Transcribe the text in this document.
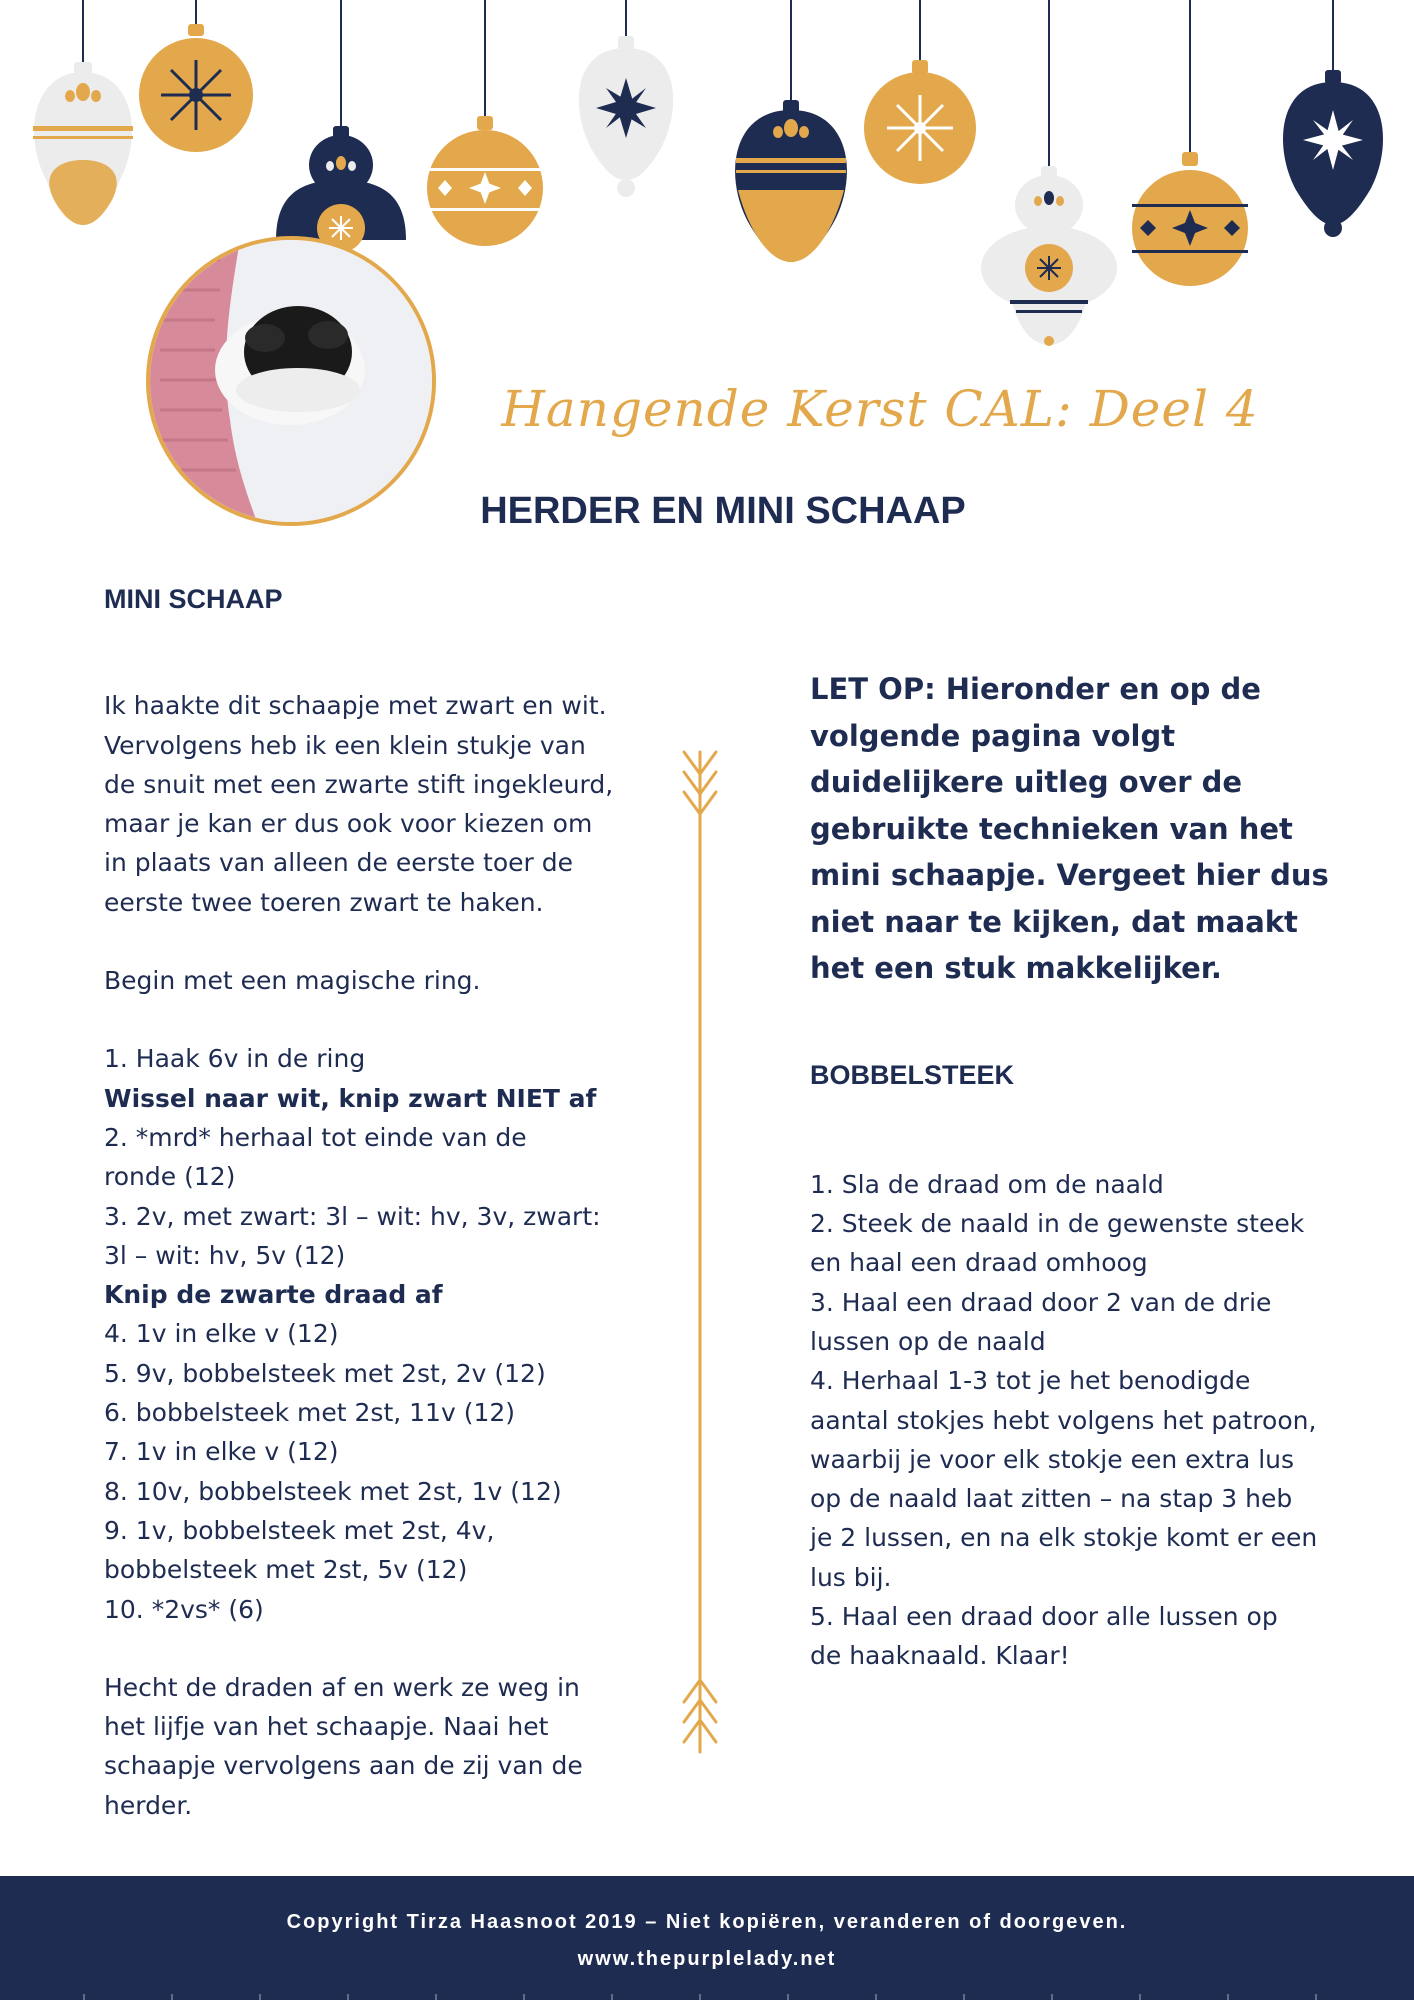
Hangende Kerst CAL: Deel 4
HERDER EN MINI SCHAAP
MINI SCHAAP
Ik haakte dit schaapje met zwart en wit.
Vervolgens heb ik een klein stukje van
de snuit met een zwarte stift ingekleurd,
maar je kan er dus ook voor kiezen om
in plaats van alleen de eerste toer de
eerste twee toeren zwart te haken.
Begin met een magische ring.
1. Haak 6v in de ring
Wissel naar wit, knip zwart NIET af
2. *mrd* herhaal tot einde van de
ronde (12)
3. 2v, met zwart: 3l – wit: hv, 3v, zwart:
3l – wit: hv, 5v (12)
Knip de zwarte draad af
4. 1v in elke v (12)
5. 9v, bobbelsteek met 2st, 2v (12)
6. bobbelsteek met 2st, 11v (12)
7. 1v in elke v (12)
8. 10v, bobbelsteek met 2st, 1v (12)
9. 1v, bobbelsteek met 2st, 4v,
bobbelsteek met 2st, 5v (12)
10. *2vs* (6)
Hecht de draden af en werk ze weg in
het lijfje van het schaapje. Naai het
schaapje vervolgens aan de zij van de
herder.
LET OP: Hieronder en op de
volgende pagina volgt
duidelijkere uitleg over de
gebruikte technieken van het
mini schaapje. Vergeet hier dus
niet naar te kijken, dat maakt
het een stuk makkelijker.
BOBBELSTEEK
1. Sla de draad om de naald
2. Steek de naald in de gewenste steek
en haal een draad omhoog
3. Haal een draad door 2 van de drie
lussen op de naald
4. Herhaal 1-3 tot je het benodigde
aantal stokjes hebt volgens het patroon,
waarbij je voor elk stokje een extra lus
op de naald laat zitten – na stap 3 heb
je 2 lussen, en na elk stokje komt er een
lus bij.
5. Haal een draad door alle lussen op
de haaknaald. Klaar!
Copyright Tirza Haasnoot 2019 – Niet kopiëren, veranderen of doorgeven.
www.thepurplelady.net
